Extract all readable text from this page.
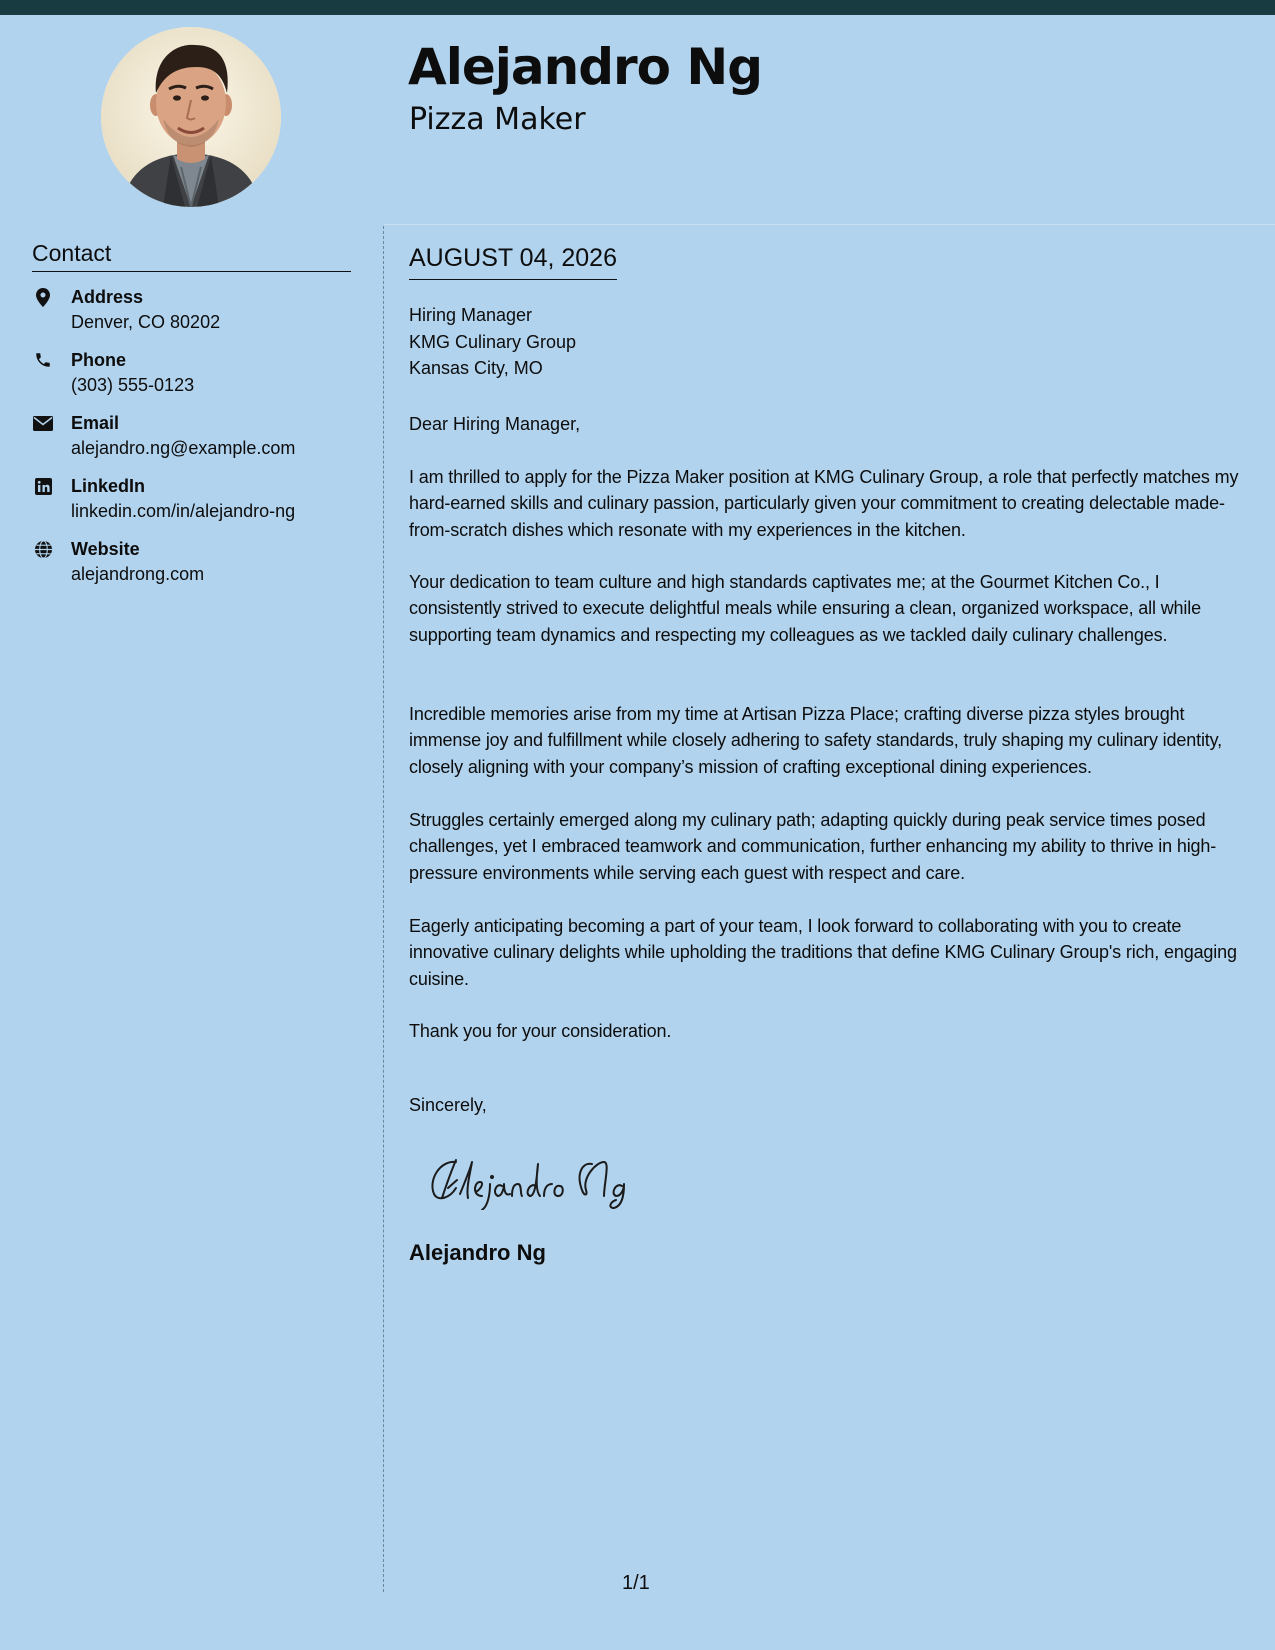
Alejandro Ng
Pizza Maker
Contact
Address
Denver, CO 80202
Phone
(303) 555-0123
Email
alejandro.ng@example.com
LinkedIn
linkedin.com/in/alejandro-ng
Website
alejandrong.com
AUGUST 04, 2026
Hiring Manager
KMG Culinary Group
Kansas City, MO
Dear Hiring Manager,

I am thrilled to apply for the Pizza Maker position at KMG Culinary Group, a role that perfectly matches my hard-earned skills and culinary passion, particularly given your commitment to creating delectable made-from-scratch dishes which resonate with my experiences in the kitchen.

Your dedication to team culture and high standards captivates me; at the Gourmet Kitchen Co., I consistently strived to execute delightful meals while ensuring a clean, organized workspace, all while supporting team dynamics and respecting my colleagues as we tackled daily culinary challenges.

Incredible memories arise from my time at Artisan Pizza Place; crafting diverse pizza styles brought immense joy and fulfillment while closely adhering to safety standards, truly shaping my culinary identity, closely aligning with your company’s mission of crafting exceptional dining experiences.

Struggles certainly emerged along my culinary path; adapting quickly during peak service times posed challenges, yet I embraced teamwork and communication, further enhancing my ability to thrive in high-pressure environments while serving each guest with respect and care.

Eagerly anticipating becoming a part of your team, I look forward to collaborating with you to create innovative culinary delights while upholding the traditions that define KMG Culinary Group's rich, engaging cuisine.

Thank you for your consideration.

Sincerely,
Alejandro Ng
1/1
